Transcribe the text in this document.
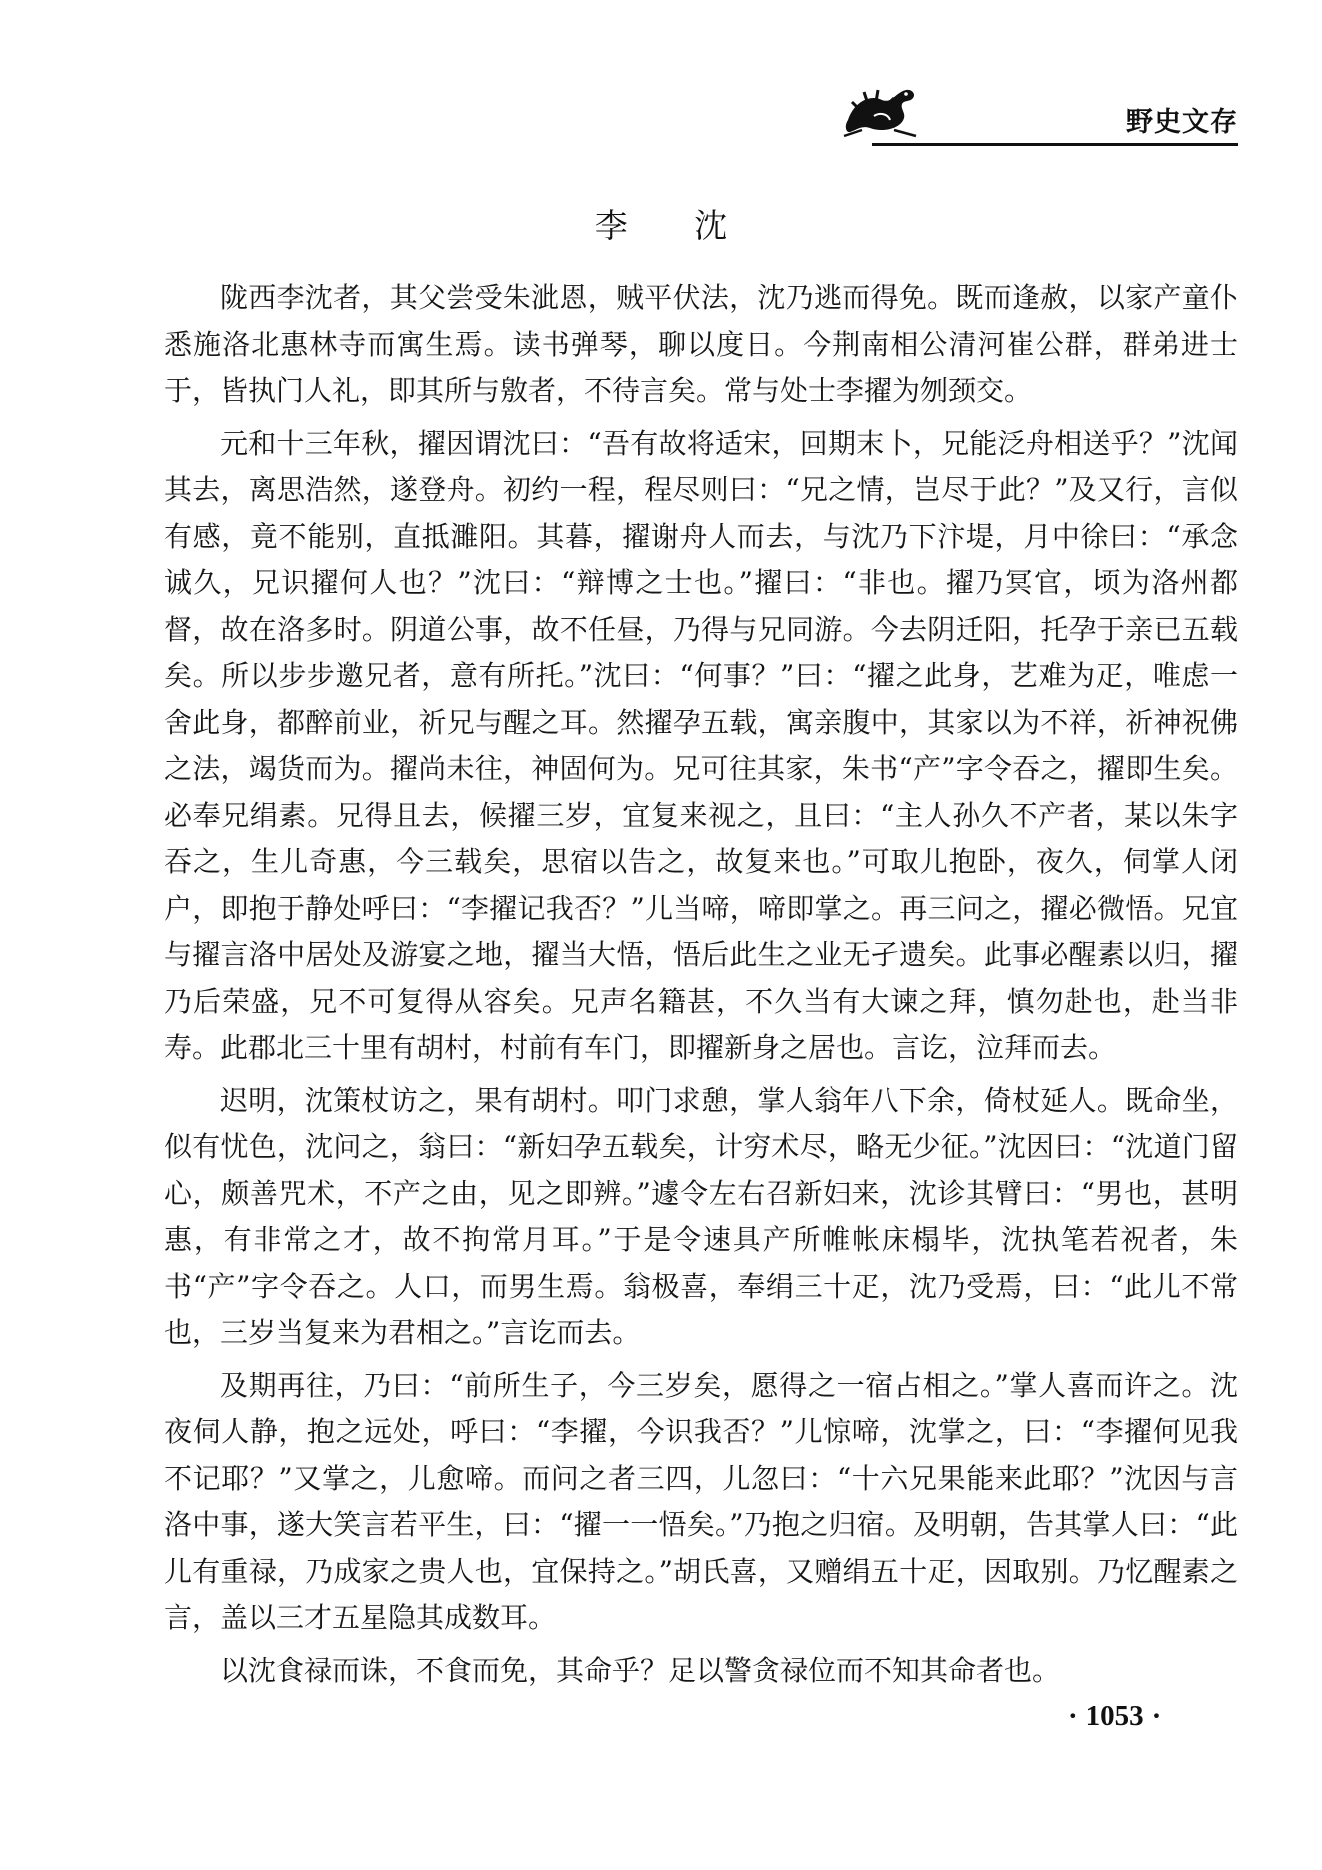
野史文存
李 沈

陇西李沈者，其父尝受朱泚恩，贼平伏法，沈乃逃而得免。既而逢赦，以家产童仆悉施洛北惠林寺而寓生焉。读书弹琴，聊以度日。今荆南相公清河崔公群，群弟进士于，皆执门人礼，即其所与敫者，不待言矣。常与处士李擢为刎颈交。

元和十三年秋，擢因谓沈曰：“吾有故将适宋，回期末卜，兄能泛舟相送乎？”沈闻其去，离思浩然，遂登舟。初约一程，程尽则曰：“兄之情，岂尽于此？”及又行，言似有感，竟不能别，直抵濉阳。其暮，擢谢舟人而去，与沈乃下汴堤，月中徐曰：“承念诚久，兄识擢何人也？”沈曰：“辩博之士也。”擢曰：“非也。擢乃冥官，顷为洛州都督，故在洛多时。阴道公事，故不任昼，乃得与兄同游。今去阴迁阳，托孕于亲已五载矣。所以步步邀兄者，意有所托。”沈曰：“何事？”曰：“擢之此身，艺难为疋，唯虑一舍此身，都醉前业，祈兄与醒之耳。然擢孕五载，寓亲腹中，其家以为不祥，祈神祝佛之法，竭货而为。擢尚未往，神固何为。兄可往其家，朱书“产”字令吞之，擢即生矣。必奉兄绢素。兄得且去，候擢三岁，宜复来视之，且曰：“主人孙久不产者，某以朱字吞之，生儿奇惠，今三载矣，思宿以告之，故复来也。”可取儿抱卧，夜久，伺掌人闭户，即抱于静处呼曰：“李擢记我否？”儿当啼，啼即掌之。再三问之，擢必微悟。兄宜与擢言洛中居处及游宴之地，擢当大悟，悟后此生之业无孑遗矣。此事必醒素以归，擢乃后荣盛，兄不可复得从容矣。兄声名籍甚，不久当有大谏之拜，慎勿赴也，赴当非寿。此郡北三十里有胡村，村前有车门，即擢新身之居也。言讫，泣拜而去。

迟明，沈策杖访之，果有胡村。叩门求憩，掌人翁年八下余，倚杖延人。既命坐，似有忧色，沈问之，翁曰：“新妇孕五载矣，计穷术尽，略无少征。”沈因曰：“沈道门留心，颇善咒术，不产之由，见之即辨。”遽令左右召新妇来，沈诊其臂曰：“男也，甚明惠，有非常之才，故不拘常月耳。”于是令速具产所帷帐床榻毕，沈执笔若祝者，朱书“产”字令吞之。人口，而男生焉。翁极喜，奉绢三十疋，沈乃受焉，曰：“此儿不常也，三岁当复来为君相之。”言讫而去。

及期再往，乃曰：“前所生子，今三岁矣，愿得之一宿占相之。”掌人喜而许之。沈夜伺人静，抱之远处，呼曰：“李擢，今识我否？”儿惊啼，沈掌之，曰：“李擢何见我不记耶？”又掌之，儿愈啼。而问之者三四，儿忽曰：“十六兄果能来此耶？”沈因与言洛中事，遂大笑言若平生，曰：“擢一一悟矣。”乃抱之归宿。及明朝，告其掌人曰：“此儿有重禄，乃成家之贵人也，宜保持之。”胡氏喜，又赠绢五十疋，因取别。乃忆醒素之言，盖以三才五星隐其成数耳。

以沈食禄而诛，不食而免，其命乎？足以警贪禄位而不知其命者也。

· 1053 ·
